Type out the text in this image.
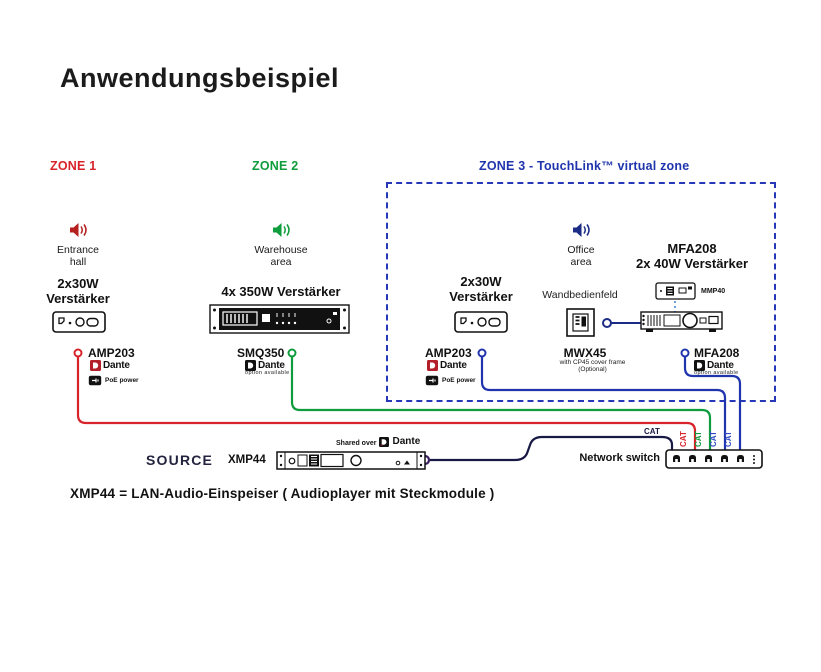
Anwendungsbeispiel
ZONE 1	ZONE 2	ZONE 3 - TouchLink™ virtual zone
Entrance
hall
Warehouse
area
Office
area
2x30W
Verstärker	4x 350W Verstärker
2x30W
Verstärker
MFA208
2x 40W Verstärker
Wandbedienfeld
CAT CAT CAT CAT CAT
AMP203
Dante
PoE power
SMQ350
Dante
option available
AMP203
Dante
PoE power
MWX45
with CP45 cover frame
(Optional)
MFA208
Dante
option available
MMP40
SOURCE XMP44
Shared over Dante
Network switch
XMP44 = LAN-Audio-Einspeiser ( Audioplayer mit Steckmodule )
